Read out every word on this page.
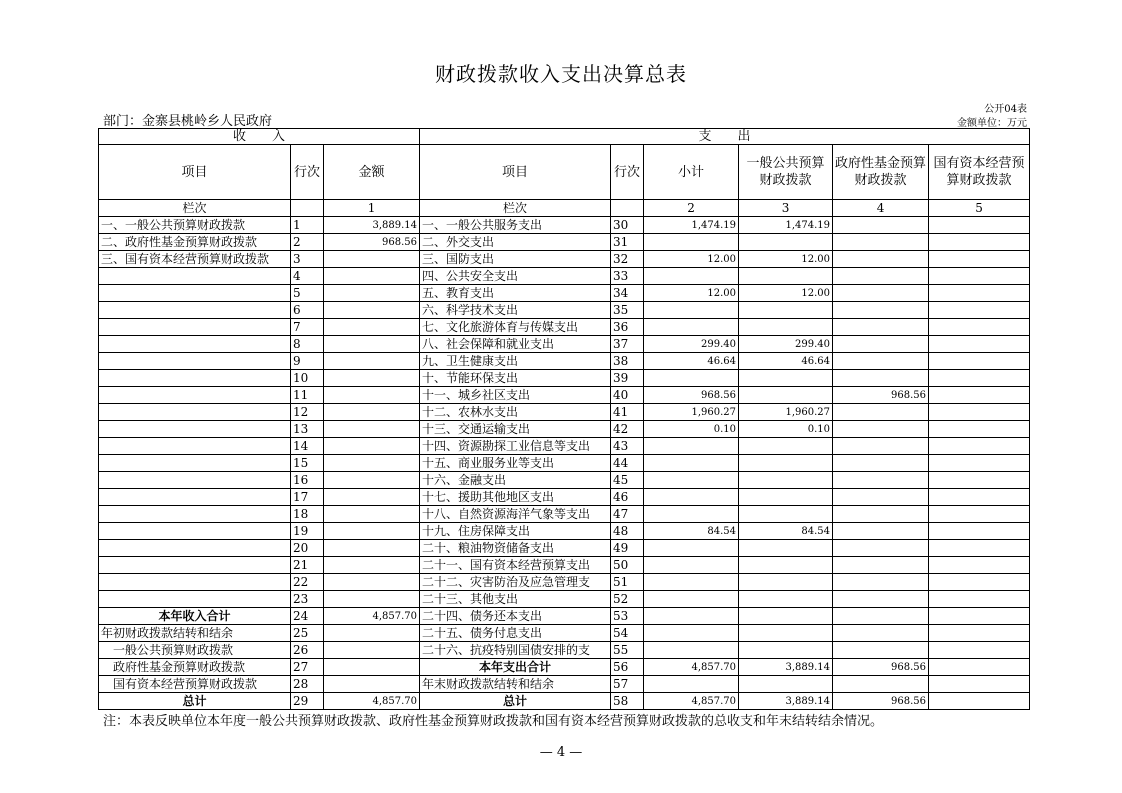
财政拨款收入支出决算总表
公开04表
金额单位：万元
部门：金寨县桃岭乡人民政府
收　　入			支　　出					
项目	行次	金额	项目	行次	小计	一般公共预算财政拨款	政府性基金预算财政拨款	国有资本经营预算财政拨款
栏次		1	栏次		2	3	4	5
一、一般公共预算财政拨款	1	3,889.14	一、一般公共服务支出	30	1,474.19	1,474.19		
二、政府性基金预算财政拨款	2	968.56	二、外交支出	31				
三、国有资本经营预算财政拨款	3		三、国防支出	32	12.00	12.00		
	4		四、公共安全支出	33				
	5		五、教育支出	34	12.00	12.00		
	6		六、科学技术支出	35				
	7		七、文化旅游体育与传媒支出	36				
	8		八、社会保障和就业支出	37	299.40	299.40		
	9		九、卫生健康支出	38	46.64	46.64		
	10		十、节能环保支出	39				
	11		十一、城乡社区支出	40	968.56		968.56	
	12		十二、农林水支出	41	1,960.27	1,960.27		
	13		十三、交通运输支出	42	0.10	0.10		
	14		十四、资源勘探工业信息等支出	43				
	15		十五、商业服务业等支出	44				
	16		十六、金融支出	45				
	17		十七、援助其他地区支出	46				
	18		十八、自然资源海洋气象等支出	47				
	19		十九、住房保障支出	48	84.54	84.54		
	20		二十、粮油物资储备支出	49				
	21		二十一、国有资本经营预算支出	50				
	22		二十二、灾害防治及应急管理支	51				
	23		二十三、其他支出	52				
本年收入合计	24	4,857.70	二十四、债务还本支出	53				
年初财政拨款结转和结余	25		二十五、债务付息支出	54				
一般公共预算财政拨款	26		二十六、抗疫特别国债安排的支	55				
政府性基金预算财政拨款	27		本年支出合计	56	4,857.70	3,889.14	968.56	
国有资本经营预算财政拨款	28		年末财政拨款结转和结余	57				
总计	29	4,857.70	总计	58	4,857.70	3,889.14	968.56	
注：本表反映单位本年度一般公共预算财政拨款、政府性基金预算财政拨款和国有资本经营预算财政拨款的总收支和年末结转结余情况。
— 4 —
